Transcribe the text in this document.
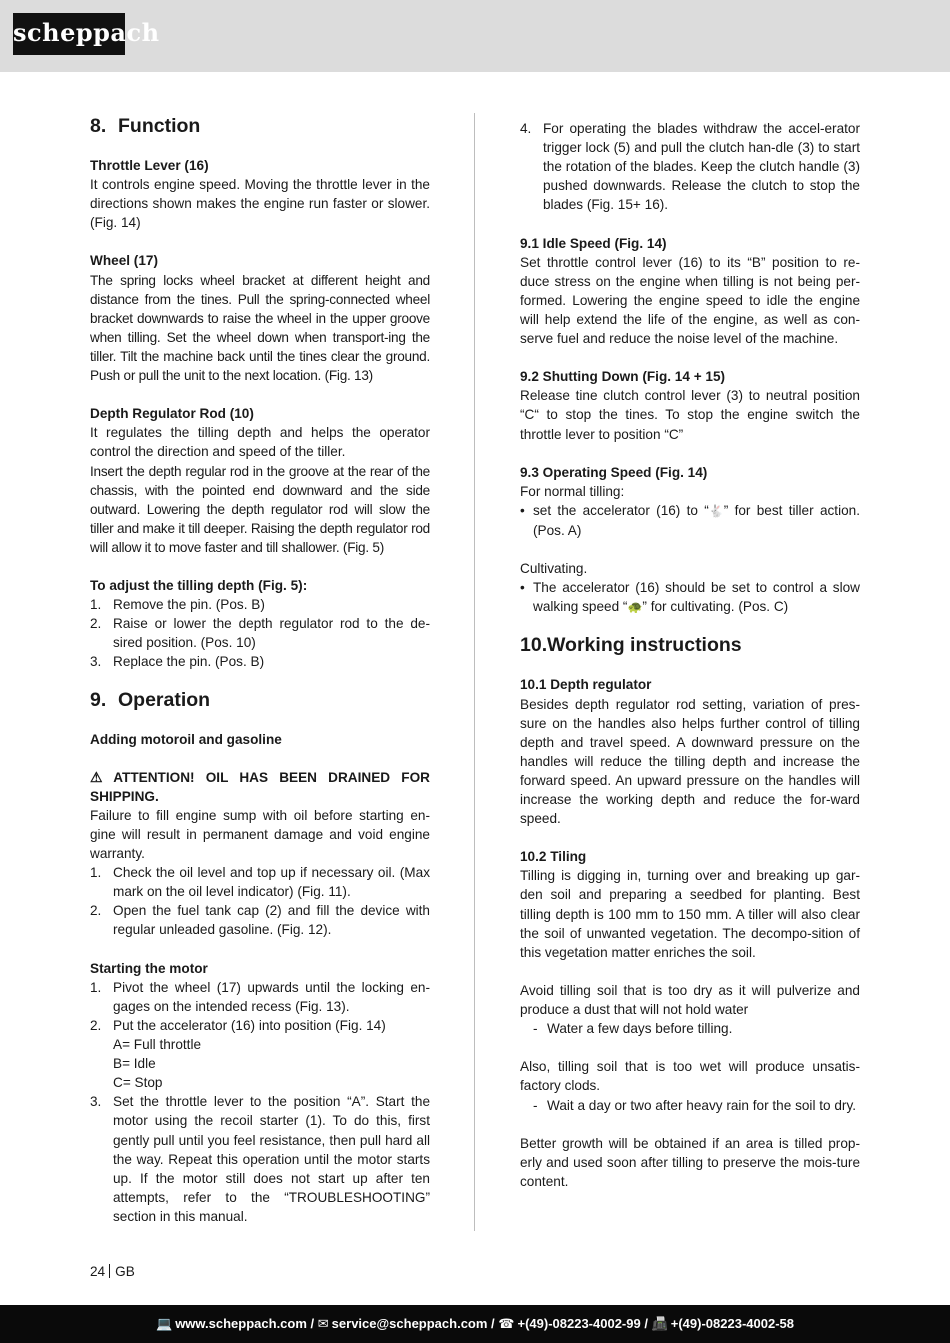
scheppach
8. Function

Throttle Lever (16)

It controls engine speed. Moving the throttle lever in the directions shown makes the engine run faster or slower. (Fig. 14)

Wheel (17)

The spring locks wheel bracket at different height and distance from the tines. Pull the spring-connected wheel bracket downwards to raise the wheel in the upper groove when tilling. Set the wheel down when transport-ing the tiller. Tilt the machine back until the tines clear the ground. Push or pull the unit to the next location. (Fig. 13)

Depth Regulator Rod (10)

It regulates the tilling depth and helps the operator control the direction and speed of the tiller.

Insert the depth regular rod in the groove at the rear of the chassis, with the pointed end downward and the side outward. Lowering the depth regulator rod will slow the tiller and make it till deeper. Raising the depth regulator rod will allow it to move faster and till shallower. (Fig. 5)

To adjust the tilling depth (Fig. 5):

1. Remove the pin. (Pos. B)
2. Raise or lower the depth regulator rod to the de-sired position. (Pos. 10)
3. Replace the pin. (Pos. B)
9. Operation

Adding motoroil and gasoline

⚠ ATTENTION! OIL HAS BEEN DRAINED FOR SHIPPING.

Failure to fill engine sump with oil before starting en-gine will result in permanent damage and void engine warranty.

1. Check the oil level and top up if necessary oil. (Max mark on the oil level indicator) (Fig. 11).
2. Open the fuel tank cap (2) and fill the device with regular unleaded gasoline. (Fig. 12).

Starting the motor

1. Pivot the wheel (17) upwards until the locking en-gages on the intended recess (Fig. 13).
2. Put the accelerator (16) into position (Fig. 14)
A= Full throttle
B= Idle
C= Stop
3. Set the throttle lever to the position “A”. Start the motor using the recoil starter (1). To do this, first gently pull until you feel resistance, then pull hard all the way. Repeat this operation until the motor starts up. If the motor still does not start up after ten attempts, refer to the “TROUBLESHOOTING” section in this manual.
4. For operating the blades withdraw the accel-erator trigger lock (5) and pull the clutch han-dle (3) to start the rotation of the blades. Keep the clutch handle (3) pushed downwards. Release the clutch to stop the blades (Fig. 15+ 16).

9.1 Idle Speed (Fig. 14)

Set throttle control lever (16) to its “B” position to re-duce stress on the engine when tilling is not being per-formed. Lowering the engine speed to idle the engine will help extend the life of the engine, as well as con-serve fuel and reduce the noise level of the machine.

9.2 Shutting Down (Fig. 14 + 15)

Release tine clutch control lever (3) to neutral position “C“ to stop the tines. To stop the engine switch the throttle lever to position “C”

9.3 Operating Speed (Fig. 14)

For normal tilling:

• set the accelerator (16) to “🐇” for best tiller action. (Pos. A)

Cultivating.

• The accelerator (16) should be set to control a slow walking speed “🐢” for cultivating. (Pos. C)
10.Working instructions

10.1 Depth regulator

Besides depth regulator rod setting, variation of pres-sure on the handles also helps further control of tilling depth and travel speed. A downward pressure on the handles will reduce the tilling depth and increase the forward speed. An upward pressure on the handles will increase the working depth and reduce the for-ward speed.

10.2 Tiling

Tilling is digging in, turning over and breaking up gar-den soil and preparing a seedbed for planting. Best tilling depth is 100 mm to 150 mm. A tiller will also clear the soil of unwanted vegetation. The decompo-sition of this vegetation matter enriches the soil.

Avoid tilling soil that is too dry as it will pulverize and produce a dust that will not hold water

- Water a few days before tilling.

Also, tilling soil that is too wet will produce unsatis-factory clods.

- Wait a day or two after heavy rain for the soil to dry.

Better growth will be obtained if an area is tilled prop-erly and used soon after tilling to preserve the mois-ture content.

24 GB
💻 www.scheppach.com / ✉ service@scheppach.com / ☎ +(49)-08223-4002-99 / 📠 +(49)-08223-4002-58
